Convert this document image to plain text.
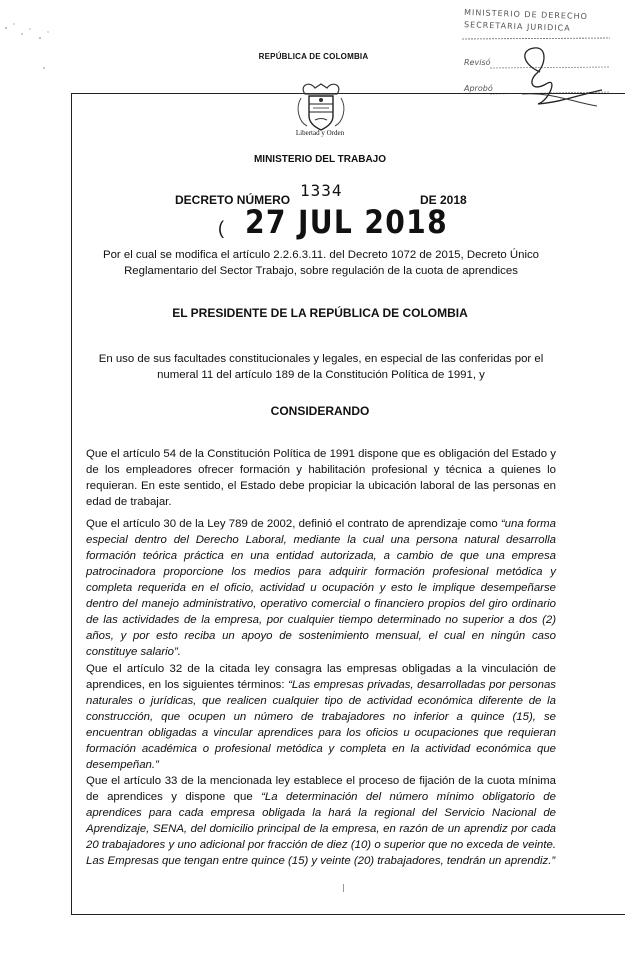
MINISTERIO DE DERECHO
SECRETARIA JURIDICA
Revisó
Aprobó
REPÚBLICA DE COLOMBIA
Libertad y Orden
MINISTERIO DEL TRABAJO
DECRETO NÚMERO 1334	DE 2018
( 27 JUL 2018
Por el cual se modifica el artículo 2.2.6.3.11. del Decreto 1072 de 2015, Decreto Único Reglamentario del Sector Trabajo, sobre regulación de la cuota de aprendices
EL PRESIDENTE DE LA REPÚBLICA DE COLOMBIA
En uso de sus facultades constitucionales y legales, en especial de las conferidas por el numeral 11 del artículo 189 de la Constitución Política de 1991, y
CONSIDERANDO
Que el artículo 54 de la Constitución Política de 1991 dispone que es obligación del Estado y de los empleadores ofrecer formación y habilitación profesional y técnica a quienes lo requieran. En este sentido, el Estado debe propiciar la ubicación laboral de las personas en edad de trabajar.
Que el artículo 30 de la Ley 789 de 2002, definió el contrato de aprendizaje como “una forma especial dentro del Derecho Laboral, mediante la cual una persona natural desarrolla formación teórica práctica en una entidad autorizada, a cambio de que una empresa patrocinadora proporcione los medios para adquirir formación profesional metódica y completa requerida en el oficio, actividad u ocupación y esto le implique desempeñarse dentro del manejo administrativo, operativo comercial o financiero propios del giro ordinario de las actividades de la empresa, por cualquier tiempo determinado no superior a dos (2) años, y por esto reciba un apoyo de sostenimiento mensual, el cual en ningún caso constituye salario”.
Que el artículo 32 de la citada ley consagra las empresas obligadas a la vinculación de aprendices, en los siguientes términos: “Las empresas privadas, desarrolladas por personas naturales o jurídicas, que realicen cualquier tipo de actividad económica diferente de la construcción, que ocupen un número de trabajadores no inferior a quince (15), se encuentran obligadas a vincular aprendices para los oficios u ocupaciones que requieran formación académica o profesional metódica y completa en la actividad económica que desempeñan.”
Que el artículo 33 de la mencionada ley establece el proceso de fijación de la cuota mínima de aprendices y dispone que “La determinación del número mínimo obligatorio de aprendices para cada empresa obligada la hará la regional del Servicio Nacional de Aprendizaje, SENA, del domicilio principal de la empresa, en razón de un aprendiz por cada 20 trabajadores y uno adicional por fracción de diez (10) o superior que no exceda de veinte. Las Empresas que tengan entre quince (15) y veinte (20) trabajadores, tendrán un aprendiz.”
